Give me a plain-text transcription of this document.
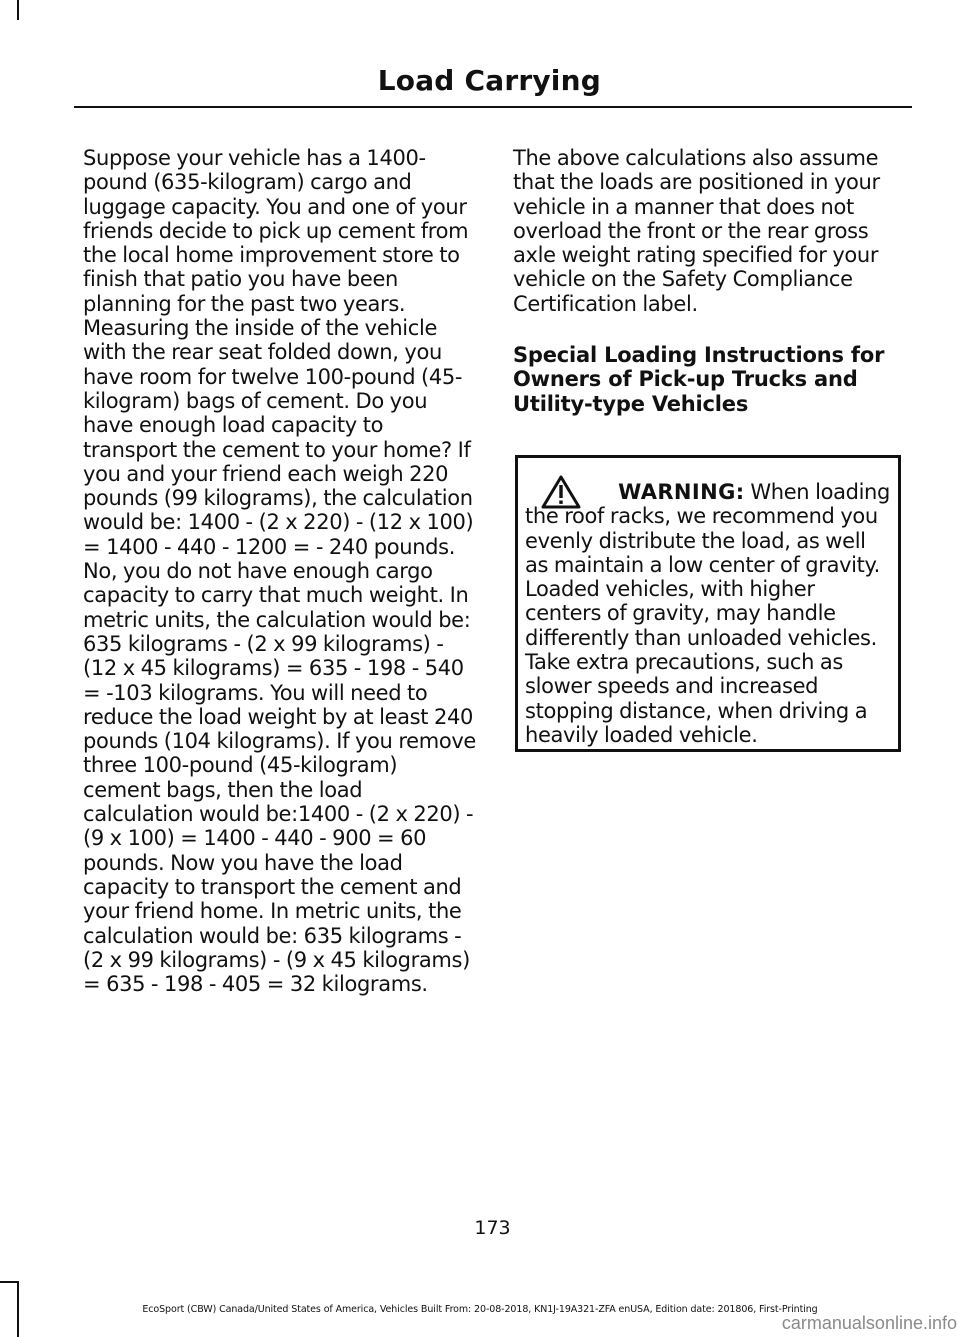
Load Carrying

Suppose your vehicle has a 1400-pound (635-kilogram) cargo and luggage capacity. You and one of your friends decide to pick up cement from the local home improvement store to finish that patio you have been planning for the past two years. Measuring the inside of the vehicle with the rear seat folded down, you have room for twelve 100-pound (45-kilogram) bags of cement. Do you have enough load capacity to transport the cement to your home? If you and your friend each weigh 220 pounds (99 kilograms), the calculation would be: 1400 - (2 x 220) - (12 x 100) = 1400 - 440 - 1200 = - 240 pounds. No, you do not have enough cargo capacity to carry that much weight. In metric units, the calculation would be: 635 kilograms - (2 x 99 kilograms) - (12 x 45 kilograms) = 635 - 198 - 540 = -103 kilograms. You will need to reduce the load weight by at least 240 pounds (104 kilograms). If you remove three 100-pound (45-kilogram) cement bags, then the load calculation would be:1400 - (2 x 220) - (9 x 100) = 1400 - 440 - 900 = 60 pounds. Now you have the load capacity to transport the cement and your friend home. In metric units, the calculation would be: 635 kilograms - (2 x 99 kilograms) - (9 x 45 kilograms) = 635 - 198 - 405 = 32 kilograms.

The above calculations also assume that the loads are positioned in your vehicle in a manner that does not overload the front or the rear gross axle weight rating specified for your vehicle on the Safety Compliance Certification label.

Special Loading Instructions for Owners of Pick-up Trucks and Utility-type Vehicles
WARNING: When loading
the roof racks, we recommend you evenly distribute the load, as well as maintain a low center of gravity. Loaded vehicles, with higher centers of gravity, may handle differently than unloaded vehicles. Take extra precautions, such as slower speeds and increased stopping distance, when driving a heavily loaded vehicle.
173
EcoSport (CBW) Canada/United States of America, Vehicles Built From: 20-08-2018, KN1J-19A321-ZFA enUSA, Edition date: 201806, First-Printing
carmanualsonline.info
